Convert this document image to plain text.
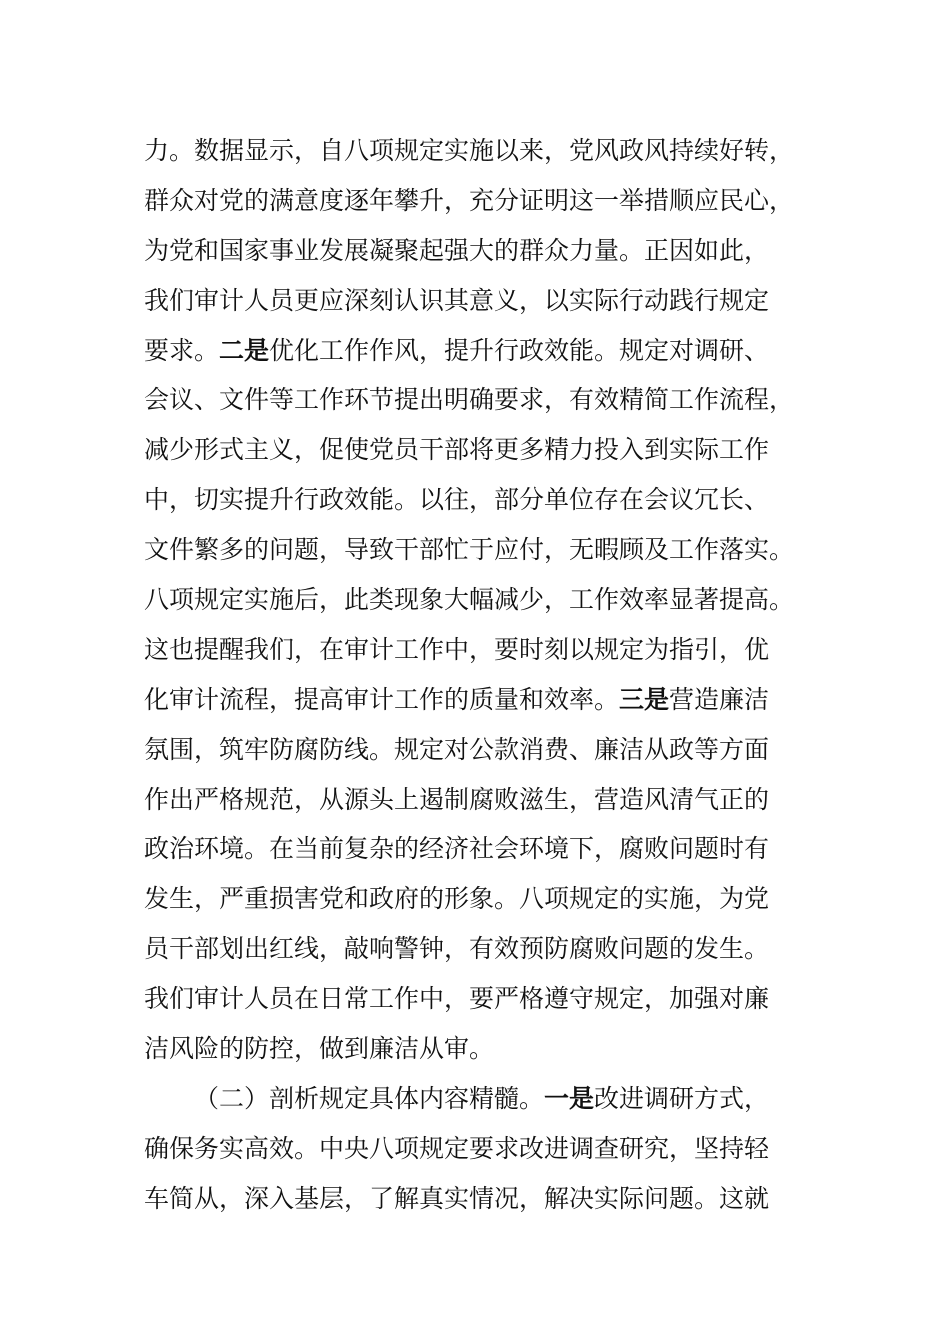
力。数据显示，自八项规定实施以来，党风政风持续好转，
群众对党的满意度逐年攀升，充分证明这一举措顺应民心，
为党和国家事业发展凝聚起强大的群众力量。正因如此，
我们审计人员更应深刻认识其意义，以实际行动践行规定
要求。二是优化工作作风，提升行政效能。规定对调研、
会议、文件等工作环节提出明确要求，有效精简工作流程，
减少形式主义，促使党员干部将更多精力投入到实际工作
中，切实提升行政效能。以往，部分单位存在会议冗长、
文件繁多的问题，导致干部忙于应付，无暇顾及工作落实。
八项规定实施后，此类现象大幅减少，工作效率显著提高。
这也提醒我们，在审计工作中，要时刻以规定为指引，优
化审计流程，提高审计工作的质量和效率。三是营造廉洁
氛围，筑牢防腐防线。规定对公款消费、廉洁从政等方面
作出严格规范，从源头上遏制腐败滋生，营造风清气正的
政治环境。在当前复杂的经济社会环境下，腐败问题时有
发生，严重损害党和政府的形象。八项规定的实施，为党
员干部划出红线，敲响警钟，有效预防腐败问题的发生。
我们审计人员在日常工作中，要严格遵守规定，加强对廉
洁风险的防控，做到廉洁从审。
（二）剖析规定具体内容精髓。一是改进调研方式，
确保务实高效。中央八项规定要求改进调查研究，坚持轻
车简从，深入基层，了解真实情况，解决实际问题。这就
